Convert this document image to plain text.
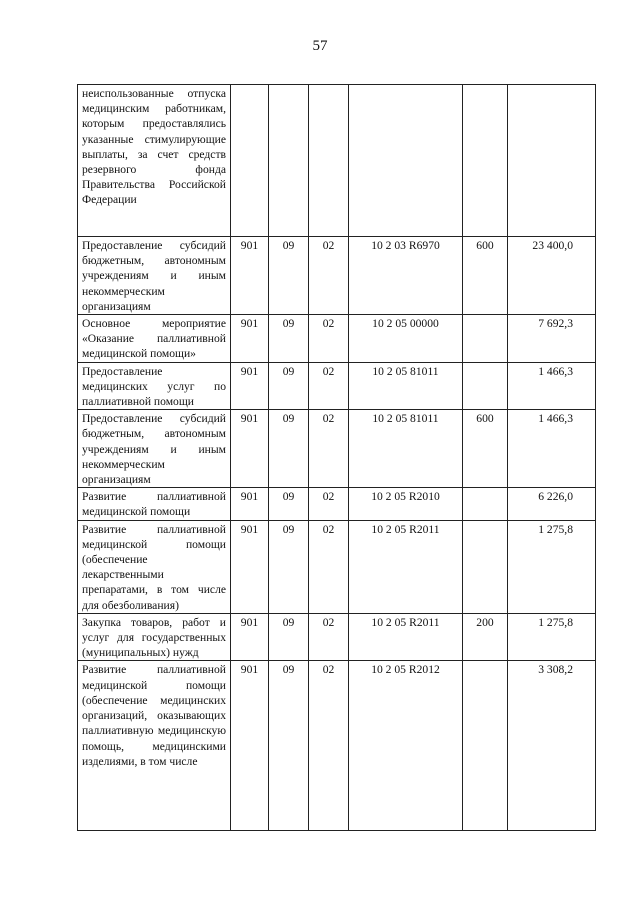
57
неиспользованные отпуска медицинским работникам, которым предоставлялись указанные стимулирующие выплаты, за счет средств резервного фонда Правительства Российской Федерации						
Предоставление субсидий бюджетным, автономным учреждениям и иным некоммерческим организациям	901	09	02	10 2 03 R6970	600	23 400,0
Основное мероприятие «Оказание паллиативной медицинской помощи»	901	09	02	10 2 05 00000		7 692,3
Предоставление медицинских услуг по паллиативной помощи	901	09	02	10 2 05 81011		1 466,3
Предоставление субсидий бюджетным, автономным учреждениям и иным некоммерческим организациям	901	09	02	10 2 05 81011	600	1 466,3
Развитие паллиативной медицинской помощи	901	09	02	10 2 05 R2010		6 226,0
Развитие паллиативной медицинской помощи (обеспечение лекарственными препаратами, в том числе для обезболивания)	901	09	02	10 2 05 R2011		1 275,8
Закупка товаров, работ и услуг для государственных (муниципальных) нужд	901	09	02	10 2 05 R2011	200	1 275,8
Развитие паллиативной медицинской помощи (обеспечение медицинских организаций, оказывающих паллиативную медицинскую помощь, медицинскими изделиями, в том числе	901	09	02	10 2 05 R2012		3 308,2
